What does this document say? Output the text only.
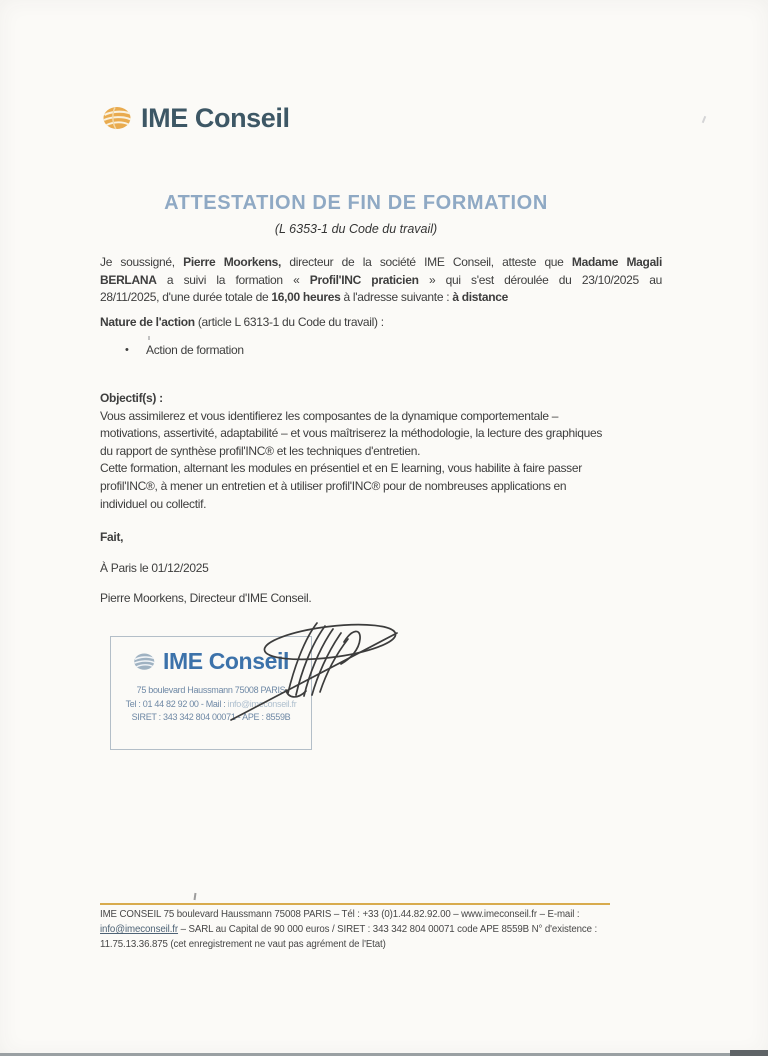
IME Conseil
ATTESTATION DE FIN DE FORMATION
(L 6353-1 du Code du travail)
Je soussigné, Pierre Moorkens, directeur de la société IME Conseil, atteste que Madame Magali
BERLANA a suivi la formation « Profil'INC praticien » qui s'est déroulée du 23/10/2025 au
28/11/2025, d'une durée totale de 16,00 heures à l'adresse suivante : à distance
Nature de l'action (article L 6313-1 du Code du travail) :
•	Action de formation
Objectif(s) :
Vous assimilerez et vous identifierez les composantes de la dynamique comportementale –
motivations, assertivité, adaptabilité – et vous maîtriserez la méthodologie, la lecture des graphiques
du rapport de synthèse profil'INC® et les techniques d'entretien.
Cette formation, alternant les modules en présentiel et en E learning, vous habilite à faire passer
profil'INC®, à mener un entretien et à utiliser profil'INC® pour de nombreuses applications en
individuel ou collectif.
Fait,
À Paris le 01/12/2025
Pierre Moorkens, Directeur d'IME Conseil.
IME Conseil
75 boulevard Haussmann 75008 PARIS
Tel : 01 44 82 92 00 - Mail : info@imeconseil.fr
SIRET : 343 342 804 00071 - APE : 8559B
IME CONSEIL 75 boulevard Haussmann 75008 PARIS – Tél : +33 (0)1.44.82.92.00 – www.imeconseil.fr – E-mail :
info@imeconseil.fr – SARL au Capital de 90 000 euros / SIRET : 343 342 804 00071 code APE 8559B N° d'existence :
11.75.13.36.875 (cet enregistrement ne vaut pas agrément de l'Etat)
